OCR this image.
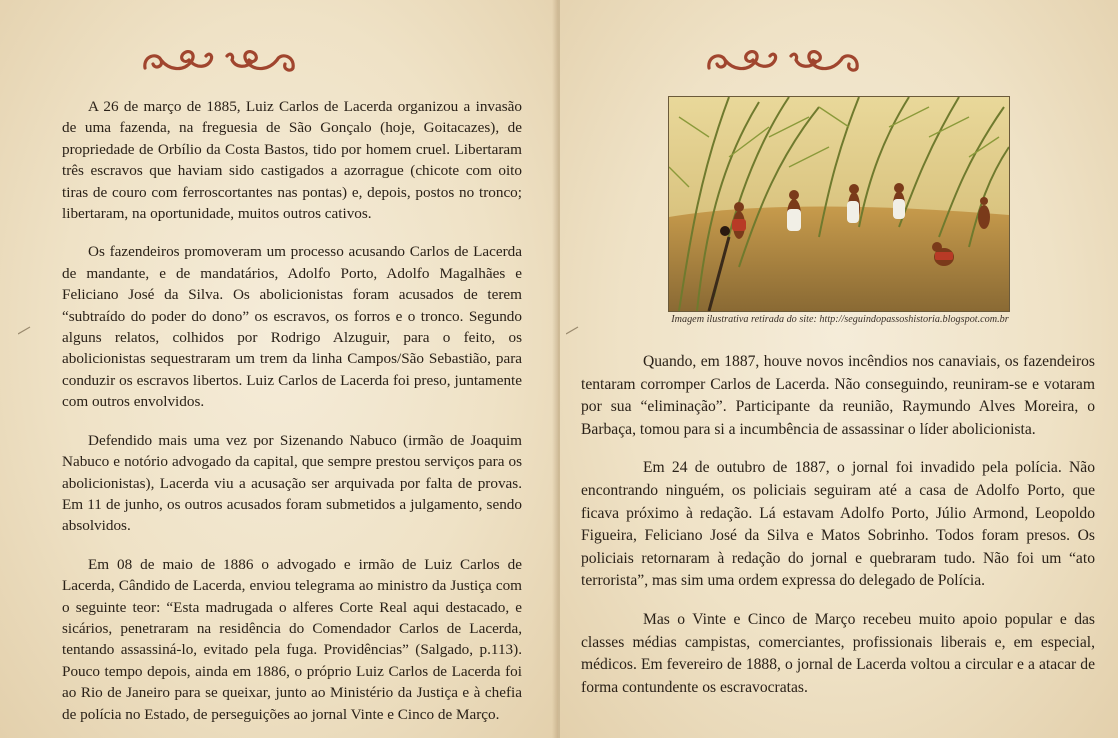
A 26 de março de 1885, Luiz Carlos de Lacerda organizou a invasão de uma fazenda, na freguesia de São Gonçalo (hoje, Goitacazes), de propriedade de Orbílio da Costa Bastos, tido por homem cruel. Libertaram três escravos que haviam sido castigados a azorrague (chicote com oito tiras de couro com ferroscortantes nas pontas) e, depois, postos no tronco; libertaram, na oportunidade, muitos outros cativos.

Os fazendeiros promoveram um processo acusando Carlos de Lacerda de mandante, e de mandatários, Adolfo Porto, Adolfo Magalhães e Feliciano José da Silva. Os abolicionistas foram acusados de terem “subtraído do poder do dono” os escravos, os forros e o tronco. Segundo alguns relatos, colhidos por Rodrigo Alzuguir, para o feito, os abolicionistas sequestraram um trem da linha Campos/São Sebastião, para conduzir os escravos libertos. Luiz Carlos de Lacerda foi preso, juntamente com outros envolvidos.

Defendido mais uma vez por Sizenando Nabuco (irmão de Joaquim Nabuco e notório advogado da capital, que sempre prestou serviços para os abolicionistas), Lacerda viu a acusação ser arquivada por falta de provas. Em 11 de junho, os outros acusados foram submetidos a julgamento, sendo absolvidos.

Em 08 de maio de 1886 o advogado e irmão de Luiz Carlos de Lacerda, Cândido de Lacerda, enviou telegrama ao ministro da Justiça com o seguinte teor: “Esta madrugada o alferes Corte Real aqui destacado, e sicários, penetraram na residência do Comendador Carlos de Lacerda, tentando assassiná-lo, evitado pela fuga. Providências” (Salgado, p.113). Pouco tempo depois, ainda em 1886, o próprio Luiz Carlos de Lacerda foi ao Rio de Janeiro para se queixar, junto ao Ministério da Justiça e à chefia de polícia no Estado, de perseguições ao jornal Vinte e Cinco de Março.

Imagem ilustrativa retirada do site: http://seguindopassoshistoria.blogspot.com.br

Quando, em 1887, houve novos incêndios nos canaviais, os fazendeiros tentaram corromper Carlos de Lacerda. Não conseguindo, reuniram-se e votaram por sua “eliminação”. Participante da reunião, Raymundo Alves Moreira, o Barbaça, tomou para si a incumbência de assassinar o líder abolicionista.

Em 24 de outubro de 1887, o jornal foi invadido pela polícia. Não encontrando ninguém, os policiais seguiram até a casa de Adolfo Porto, que ficava próximo à redação. Lá estavam Adolfo Porto, Júlio Armond, Leopoldo Figueira, Feliciano José da Silva e Matos Sobrinho. Todos foram presos. Os policiais retornaram à redação do jornal e quebraram tudo. Não foi um “ato terrorista”, mas sim uma ordem expressa do delegado de Polícia.

Mas o Vinte e Cinco de Março recebeu muito apoio popular e das classes médias campistas, comerciantes, profissionais liberais e, em especial, médicos. Em fevereiro de 1888, o jornal de Lacerda voltou a circular e a atacar de forma contundente os escravocratas.
